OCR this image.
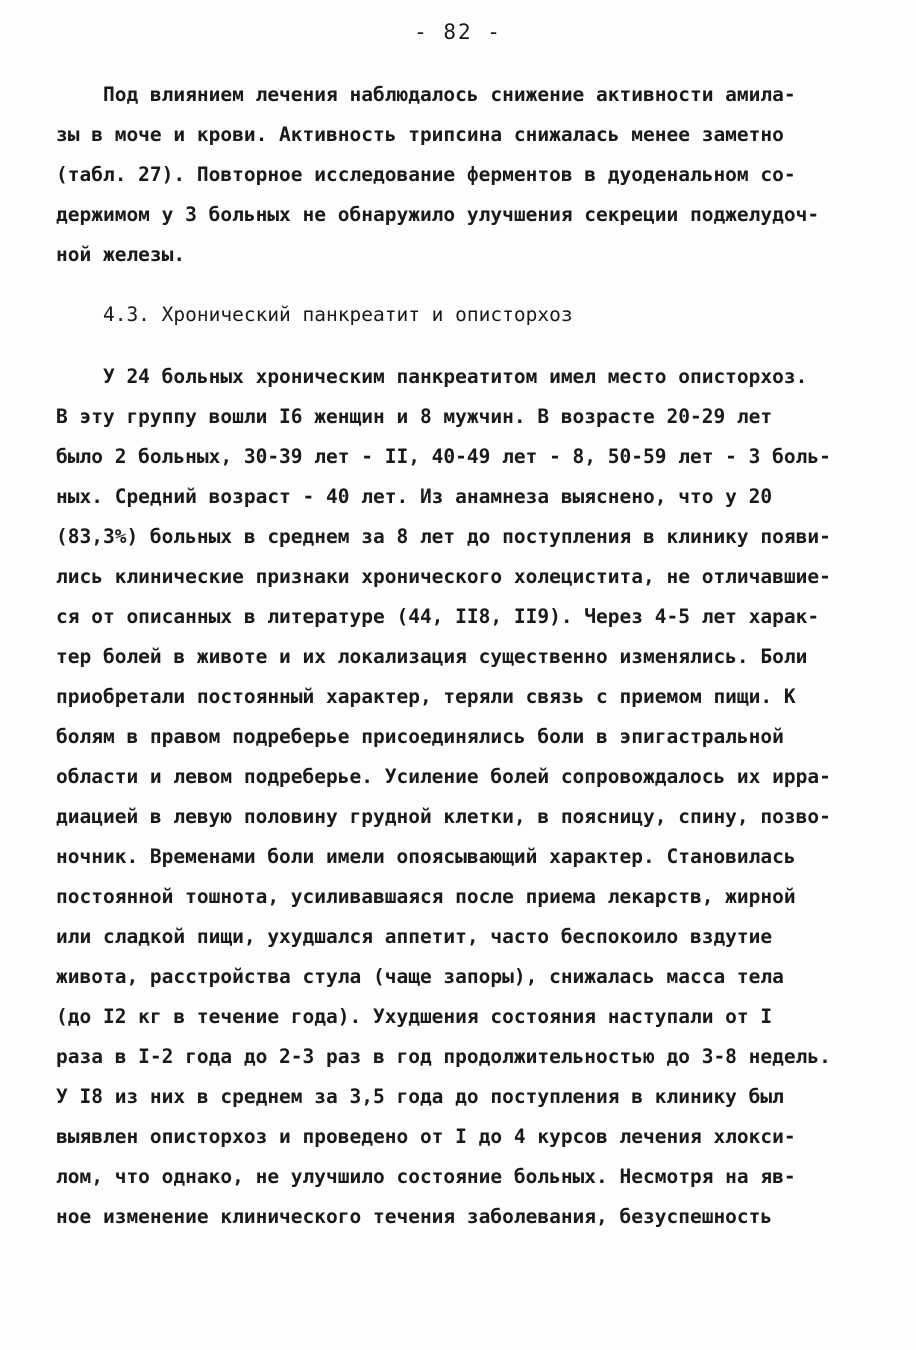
- 82 -
Под влиянием лечения наблюдалось снижение активности амила-
зы в моче и крови. Активность трипсина снижалась менее заметно
(табл. 27). Повторное исследование ферментов в дуоденальном со-
держимом у 3 больных не обнаружило улучшения секреции поджелудоч-
ной железы.
4.3. Хронический панкреатит и описторхоз
У 24 больных хроническим панкреатитом имел место описторхоз.
В эту группу вошли I6 женщин и 8 мужчин. В возрасте 20-29 лет
было 2 больных, 30-39 лет - II, 40-49 лет - 8, 50-59 лет - 3 боль-
ных. Средний возраст - 40 лет. Из анамнеза выяснено, что у 20
(83,3%) больных в среднем за 8 лет до поступления в клинику появи-
лись клинические признаки хронического холецистита, не отличавшие-
ся от описанных в литературе (44, II8, II9). Через 4-5 лет харак-
тер болей в животе и их локализация существенно изменялись. Боли
приобретали постоянный характер, теряли связь с приемом пищи. К
болям в правом подреберье присоединялись боли в эпигастральной
области и левом подреберье. Усиление болей сопровождалось их ирра-
диацией в левую половину грудной клетки, в поясницу, спину, позво-
ночник. Временами боли имели опоясывающий характер. Становилась
постоянной тошнота, усиливавшаяся после приема лекарств, жирной
или сладкой пищи, ухудшался аппетит, часто беспокоило вздутие
живота, расстройства стула (чаще запоры), снижалась масса тела
(до I2 кг в течение года). Ухудшения состояния наступали от I
раза в I-2 года до 2-3 раз в год продолжительностью до 3-8 недель.
У I8 из них в среднем за 3,5 года до поступления в клинику был
выявлен описторхоз и проведено от I до 4 курсов лечения хлокси-
лом, что однако, не улучшило состояние больных. Несмотря на яв-
ное изменение клинического течения заболевания, безуспешность
